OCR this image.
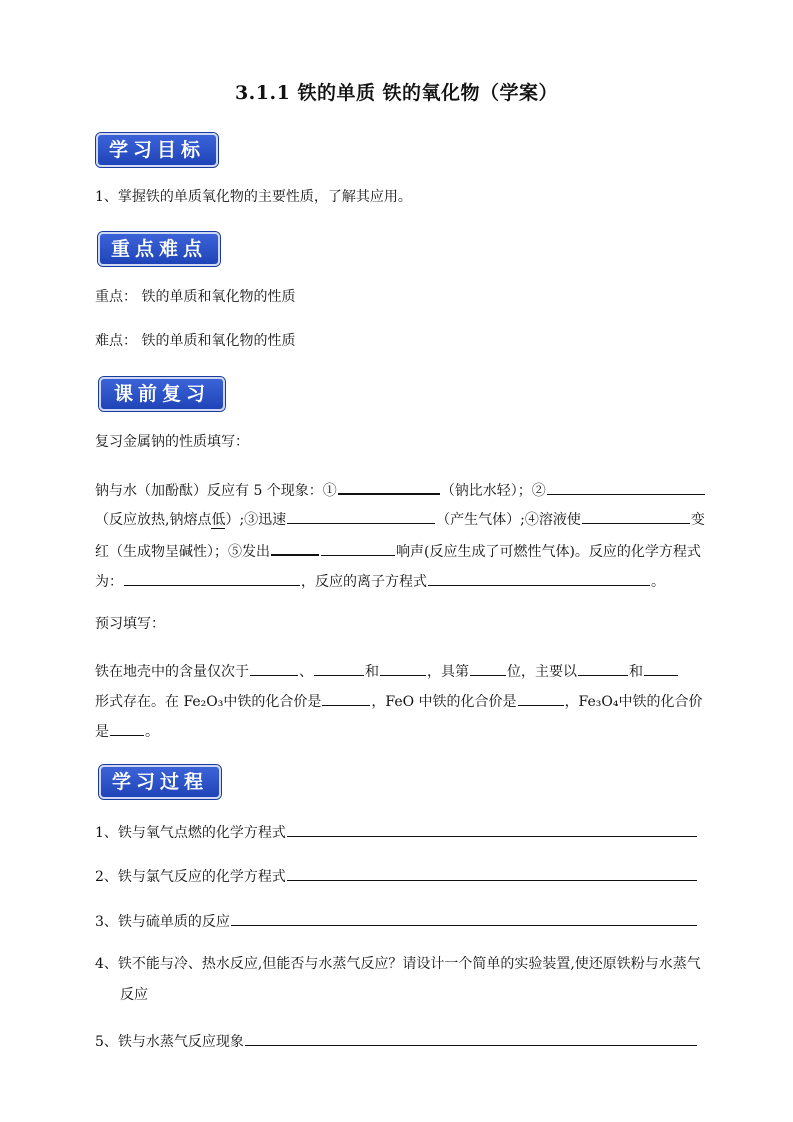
3.1.1 铁的单质 铁的氧化物（学案）
学习目标
1、掌握铁的单质氧化物的主要性质，了解其应用。
重点难点
重点： 铁的单质和氧化物的性质
难点： 铁的单质和氧化物的性质
课前复习
复习金属钠的性质填写：
钠与水（加酚酞）反应有 5 个现象：①	（钠比水轻）；②
（反应放热,钠熔点低）;③迅速	（产生气体）;④溶液使	变
红（生成物呈碱性）；⑤发出	响声(反应生成了可燃性气体)。反应的化学方程式
为：	，反应的离子方程式	。
预习填写：
铁在地壳中的含量仅次于	、	和	，具第	位，主要以	和
形式存在。在 Fe₂O₃中铁的化合价是	，FeO 中铁的化合价是	，Fe₃O₄中铁的化合价
是	。
学习过程
1、铁与氧气点燃的化学方程式
2、铁与氯气反应的化学方程式
3、铁与硫单质的反应
4、铁不能与冷、热水反应,但能否与水蒸气反应？请设计一个简单的实验装置,使还原铁粉与水蒸气
反应
5、铁与水蒸气反应现象
